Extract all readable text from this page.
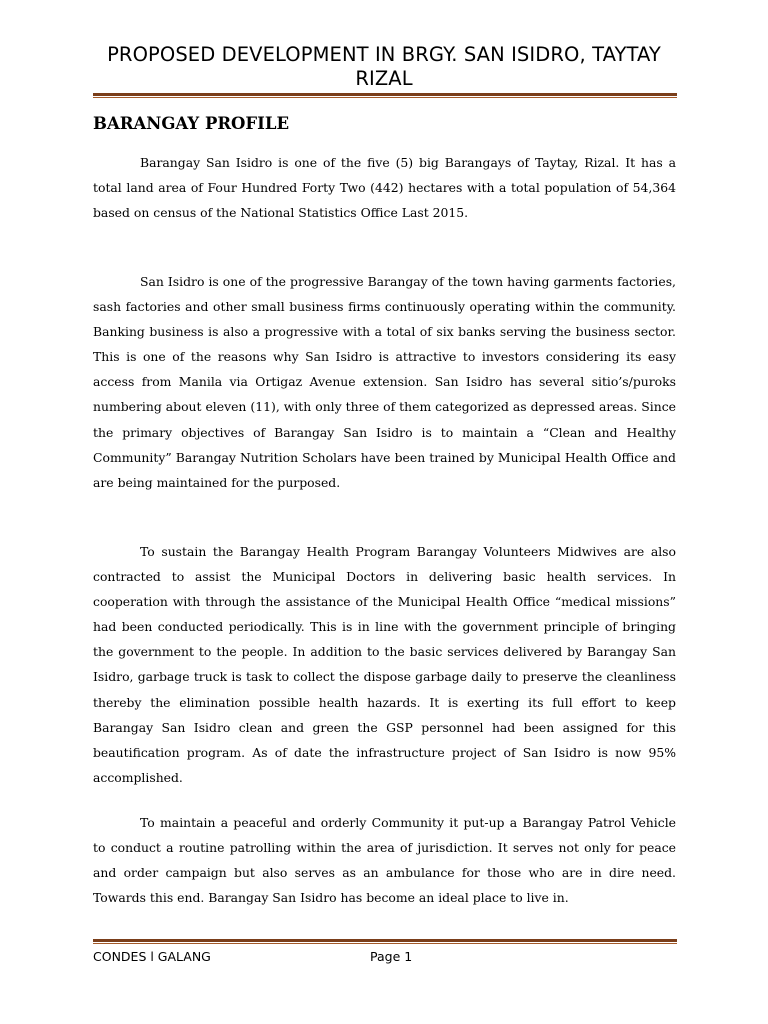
PROPOSED DEVELOPMENT IN BRGY. SAN ISIDRO, TAYTAY RIZAL
BARANGAY PROFILE

Barangay San Isidro is one of the five (5) big Barangays of Taytay, Rizal. It has a total land area of Four Hundred Forty Two (442) hectares with a total population of 54,364 based on census of the National Statistics Office Last 2015.

San Isidro is one of the progressive Barangay of the town having garments factories, sash factories and other small business firms continuously operating within the community. Banking business is also a progressive with a total of six banks serving the business sector. This is one of the reasons why San Isidro is attractive to investors considering its easy access from Manila via Ortigaz Avenue extension. San Isidro has several sitio’s/puroks numbering about eleven (11), with only three of them categorized as depressed areas. Since the primary objectives of Barangay San Isidro is to maintain a “Clean and Healthy Community” Barangay Nutrition Scholars have been trained by Municipal Health Office and are being maintained for the purposed.

To sustain the Barangay Health Program Barangay Volunteers Midwives are also contracted to assist the Municipal Doctors in delivering basic health services. In cooperation with through the assistance of the Municipal Health Office “medical missions” had been conducted periodically. This is in line with the government principle of bringing the government to the people. In addition to the basic services delivered by Barangay San Isidro, garbage truck is task to collect the dispose garbage daily to preserve the cleanliness thereby the elimination possible health hazards. It is exerting its full effort to keep Barangay San Isidro clean and green the GSP personnel had been assigned for this beautification program. As of date the infrastructure project of San Isidro is now 95% accomplished.

To maintain a peaceful and orderly Community it put-up a Barangay Patrol Vehicle to conduct a routine patrolling within the area of jurisdiction. It serves not only for peace and order campaign but also serves as an ambulance for those who are in dire need. Towards this end. Barangay San Isidro has become an ideal place to live in.

CONDES l GALANG	Page 1
